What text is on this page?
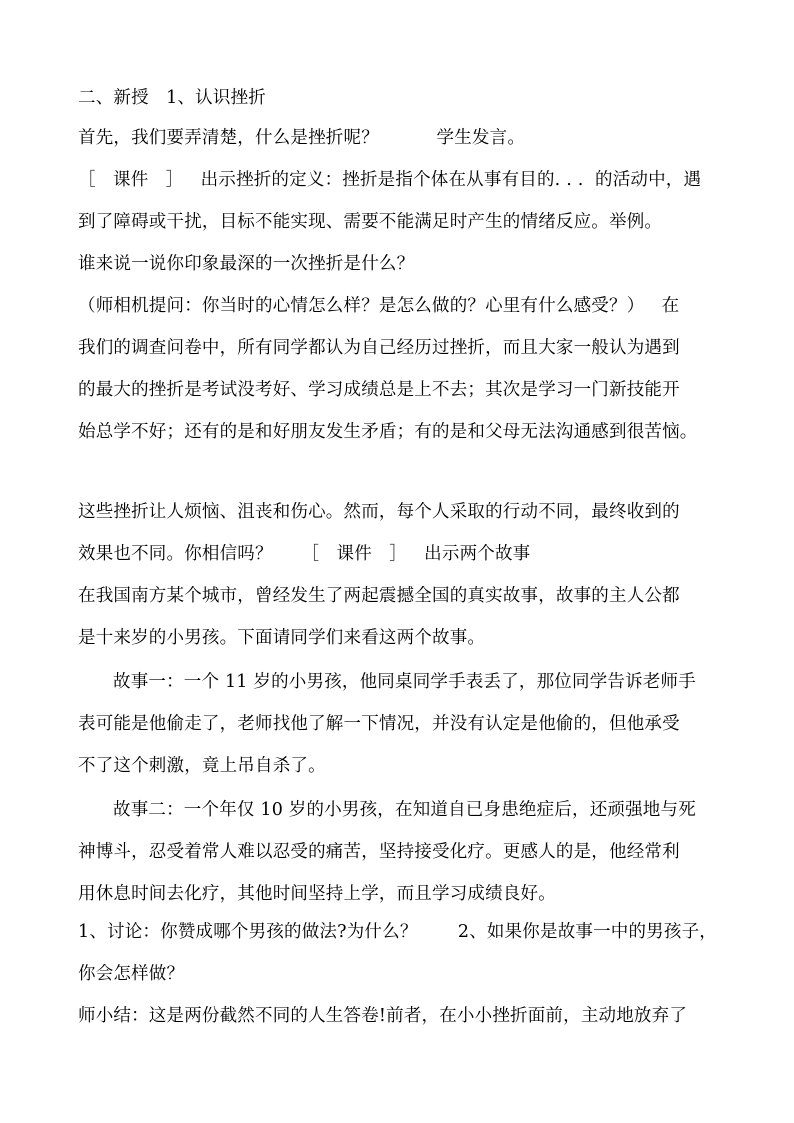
二、新授   1、认识挫折
首先，我们要弄清楚，什么是挫折呢？          学生发言。
［   课件   ］   出示挫折的定义：挫折是指个体在从事有目的. . .  的活动中，遇
到了障碍或干扰，目标不能实现、需要不能满足时产生的情绪反应。举例。
谁来说一说你印象最深的一次挫折是什么？
（师相机提问：你当时的心情怎么样？是怎么做的？心里有什么感受？）   在
我们的调查问卷中，所有同学都认为自己经历过挫折，而且大家一般认为遇到
的最大的挫折是考试没考好、学习成绩总是上不去；其次是学习一门新技能开
始总学不好；还有的是和好朋友发生矛盾；有的是和父母无法沟通感到很苦恼。
这些挫折让人烦恼、沮丧和伤心。然而，每个人采取的行动不同，最终收到的
效果也不同。你相信吗？     ［   课件   ］   出示两个故事
在我国南方某个城市，曾经发生了两起震撼全国的真实故事，故事的主人公都
是十来岁的小男孩。下面请同学们来看这两个故事。
故事一：一个 11 岁的小男孩，他同桌同学手表丢了，那位同学告诉老师手
表可能是他偷走了，老师找他了解一下情况，并没有认定是他偷的，但他承受
不了这个刺激，竟上吊自杀了。
故事二：一个年仅 10 岁的小男孩，在知道自已身患绝症后，还顽强地与死
神博斗，忍受着常人难以忍受的痛苦，坚持接受化疗。更感人的是，他经常利
用休息时间去化疗，其他时间坚持上学，而且学习成绩良好。
1、讨论：你赞成哪个男孩的做法?为什么？       2、如果你是故事一中的男孩子，
你会怎样做？
师小结：这是两份截然不同的人生答卷!前者，在小小挫折面前，主动地放弃了
